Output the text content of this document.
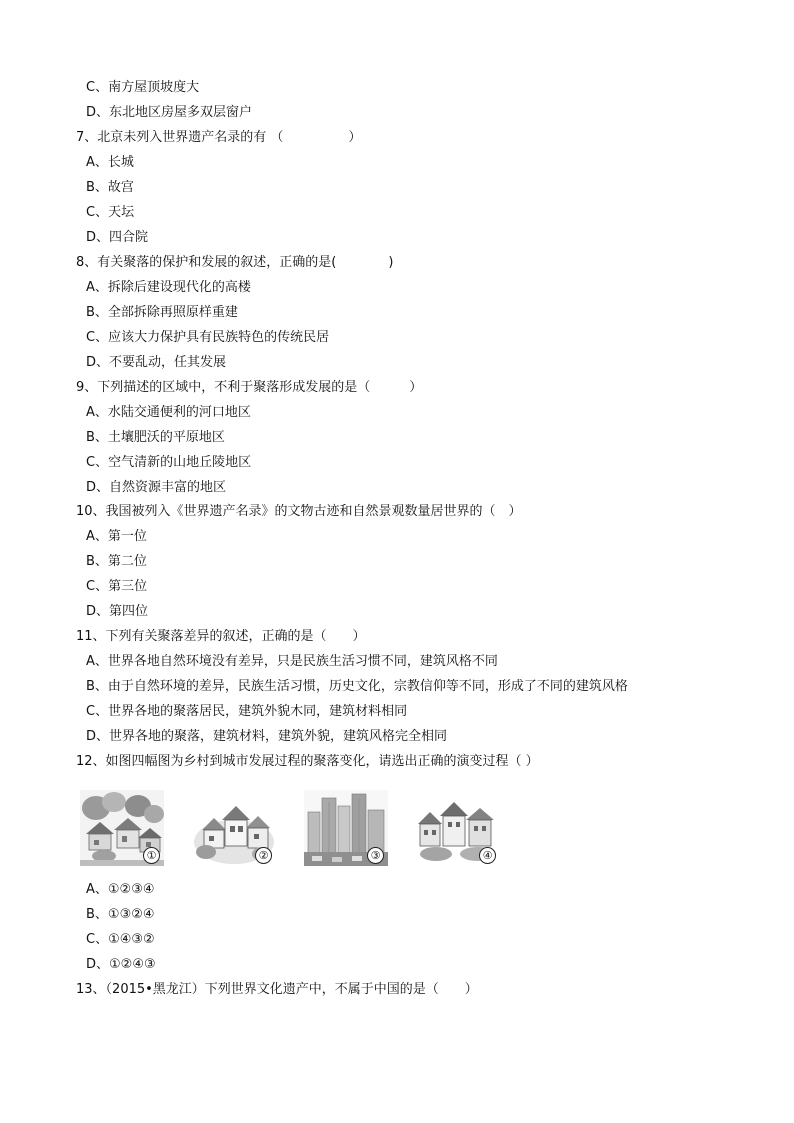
C、南方屋顶坡度大
D、东北地区房屋多双层窗户
7、北京未列入世界遗产名录的有 （　　　　　）
A、长城
B、故宫
C、天坛
D、四合院
8、有关聚落的保护和发展的叙述，正确的是(　　　　)
A、拆除后建设现代化的高楼
B、全部拆除再照原样重建
C、应该大力保护具有民族特色的传统民居
D、不要乱动，任其发展
9、下列描述的区域中，不利于聚落形成发展的是（　　　）
A、水陆交通便利的河口地区
B、土壤肥沃的平原地区
C、空气清新的山地丘陵地区
D、自然资源丰富的地区
10、我国被列入《世界遗产名录》的文物古迹和自然景观数量居世界的（　）
A、第一位
B、第二位
C、第三位
D、第四位
11、下列有关聚落差异的叙述，正确的是（　　）
A、世界各地自然环境没有差异，只是民族生活习惯不同，建筑风格不同
B、由于自然环境的差异，民族生活习惯，历史文化，宗教信仰等不同，形成了不同的建筑风格
C、世界各地的聚落居民，建筑外貌木同，建筑材料相同
D、世界各地的聚落，建筑材料，建筑外貌，建筑风格完全相同
12、如图四幅图为乡村到城市发展过程的聚落变化，请选出正确的演变过程（ ）
①	②	③	④
A、①②③④
B、①③②④
C、①④③②
D、①②④③
13、（2015•黑龙江）下列世界文化遗产中，不属于中国的是（　　）
